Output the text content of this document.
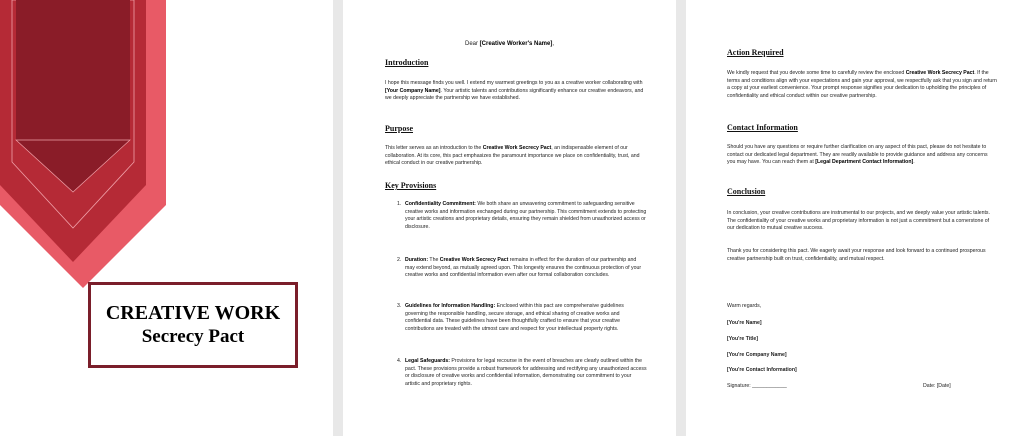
CREATIVE WORK
Secrecy Pact
Dear [Creative Worker's Name],
Introduction
I hope this message finds you well. I extend my warmest greetings to you as a creative worker collaborating with [Your Company Name]. Your artistic talents and contributions significantly enhance our creative endeavors, and we deeply appreciate the partnership we have established.
Purpose
This letter serves as an introduction to the Creative Work Secrecy Pact, an indispensable element of our collaboration. At its core, this pact emphasizes the paramount importance we place on confidentiality, trust, and ethical conduct in our creative partnership.
Key Provisions
1. Confidentiality Commitment: We both share an unwavering commitment to safeguarding sensitive creative works and information exchanged during our partnership. This commitment extends to protecting your artistic creations and proprietary details, ensuring they remain shielded from unauthorized access or disclosure.
2. Duration: The Creative Work Secrecy Pact remains in effect for the duration of our partnership and may extend beyond, as mutually agreed upon. This longevity ensures the continuous protection of your creative works and confidential information even after our formal collaboration concludes.
3. Guidelines for Information Handling: Enclosed within this pact are comprehensive guidelines governing the responsible handling, secure storage, and ethical sharing of creative works and confidential data. These guidelines have been thoughtfully crafted to ensure that your creative contributions are treated with the utmost care and respect for your intellectual property rights.
4. Legal Safeguards: Provisions for legal recourse in the event of breaches are clearly outlined within the pact. These provisions provide a robust framework for addressing and rectifying any unauthorized access or disclosure of creative works and confidential information, demonstrating our commitment to your artistic and proprietary rights.
Action Required
We kindly request that you devote some time to carefully review the enclosed Creative Work Secrecy Pact. If the terms and conditions align with your expectations and gain your approval, we respectfully ask that you sign and return a copy at your earliest convenience. Your prompt response signifies your dedication to upholding the principles of confidentiality and ethical conduct within our creative partnership.
Contact Information
Should you have any questions or require further clarification on any aspect of this pact, please do not hesitate to contact our dedicated legal department. They are readily available to provide guidance and address any concerns you may have. You can reach them at [Legal Department Contact Information].
Conclusion
In conclusion, your creative contributions are instrumental to our projects, and we deeply value your artistic talents. The confidentiality of your creative works and proprietary information is not just a commitment but a cornerstone of our dedication to mutual creative success.
Thank you for considering this pact. We eagerly await your response and look forward to a continued prosperous creative partnership built on trust, confidentiality, and mutual respect.
Warm regards,
[You're Name]
[You're Title]
[You're Company Name]
[You're Contact Information]
Signature: ____________	Date: [Date]
